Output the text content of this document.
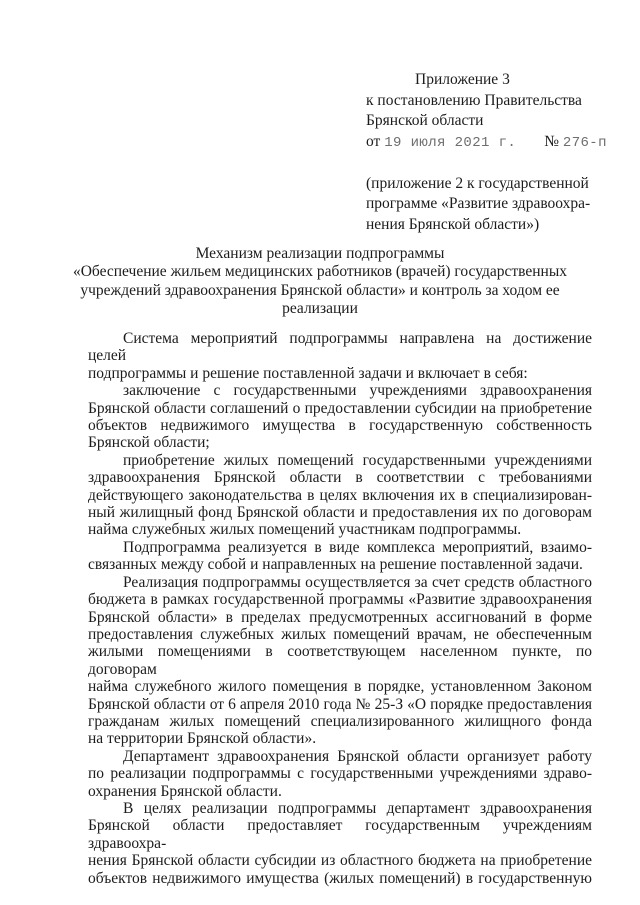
Приложение 3
к постановлению Правительства
Брянской области
от 19 июля 2021 г. № 276-п
(приложение 2 к государственной
программе «Развитие здравоохра-
нения Брянской области»)
Механизм реализации подпрограммы
«Обеспечение жильем медицинских работников (врачей) государственных
учреждений здравоохранения Брянской области» и контроль за ходом ее
реализации
Система мероприятий подпрограммы направлена на достижение целей
подпрограммы и решение поставленной задачи и включает в себя:
заключение с государственными учреждениями здравоохранения
Брянской области соглашений о предоставлении субсидии на приобретение
объектов недвижимого имущества в государственную собственность
Брянской области;
приобретение жилых помещений государственными учреждениями
здравоохранения Брянской области в соответствии с требованиями
действующего законодательства в целях включения их в специализирован-
ный жилищный фонд Брянской области и предоставления их по договорам
найма служебных жилых помещений участникам подпрограммы.
Подпрограмма реализуется в виде комплекса мероприятий, взаимо-
связанных между собой и направленных на решение поставленной задачи.
Реализация подпрограммы осуществляется за счет средств областного
бюджета в рамках государственной программы «Развитие здравоохранения
Брянской области» в пределах предусмотренных ассигнований в форме
предоставления служебных жилых помещений врачам, не обеспеченным
жилыми помещениями в соответствующем населенном пункте, по договорам
найма служебного жилого помещения в порядке, установленном Законом
Брянской области от 6 апреля 2010 года № 25-З «О порядке предоставления
гражданам жилых помещений специализированного жилищного фонда
на территории Брянской области».
Департамент здравоохранения Брянской области организует работу
по реализации подпрограммы с государственными учреждениями здраво-
охранения Брянской области.
В целях реализации подпрограммы департамент здравоохранения
Брянской области предоставляет государственным учреждениям здравоохра-
нения Брянской области субсидии из областного бюджета на приобретение
объектов недвижимого имущества (жилых помещений) в государственную
